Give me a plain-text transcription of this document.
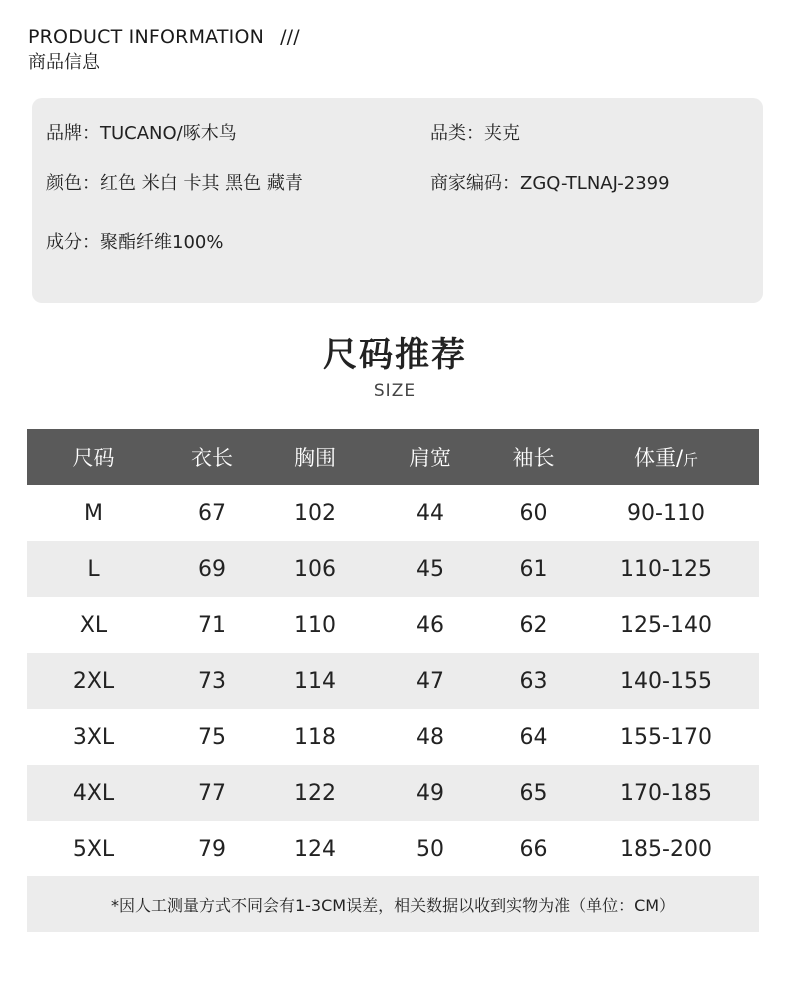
PRODUCT INFORMATION ///
商品信息
品牌：TUCANO/啄木鸟	品类：夹克
颜色：红色 米白 卡其 黑色 藏青	商家编码：ZGQ-TLNAJ-2399
成分：聚酯纤维100%
尺码推荐
SIZE
尺码	衣长	胸围	肩宽	袖长	体重/斤
M	67	102	44	60	90-110
L	69	106	45	61	110-125
XL	71	110	46	62	125-140
2XL	73	114	47	63	140-155
3XL	75	118	48	64	155-170
4XL	77	122	49	65	170-185
5XL	79	124	50	66	185-200
*因人工测量方式不同会有1-3CM误差，相关数据以收到实物为准（单位：CM）
